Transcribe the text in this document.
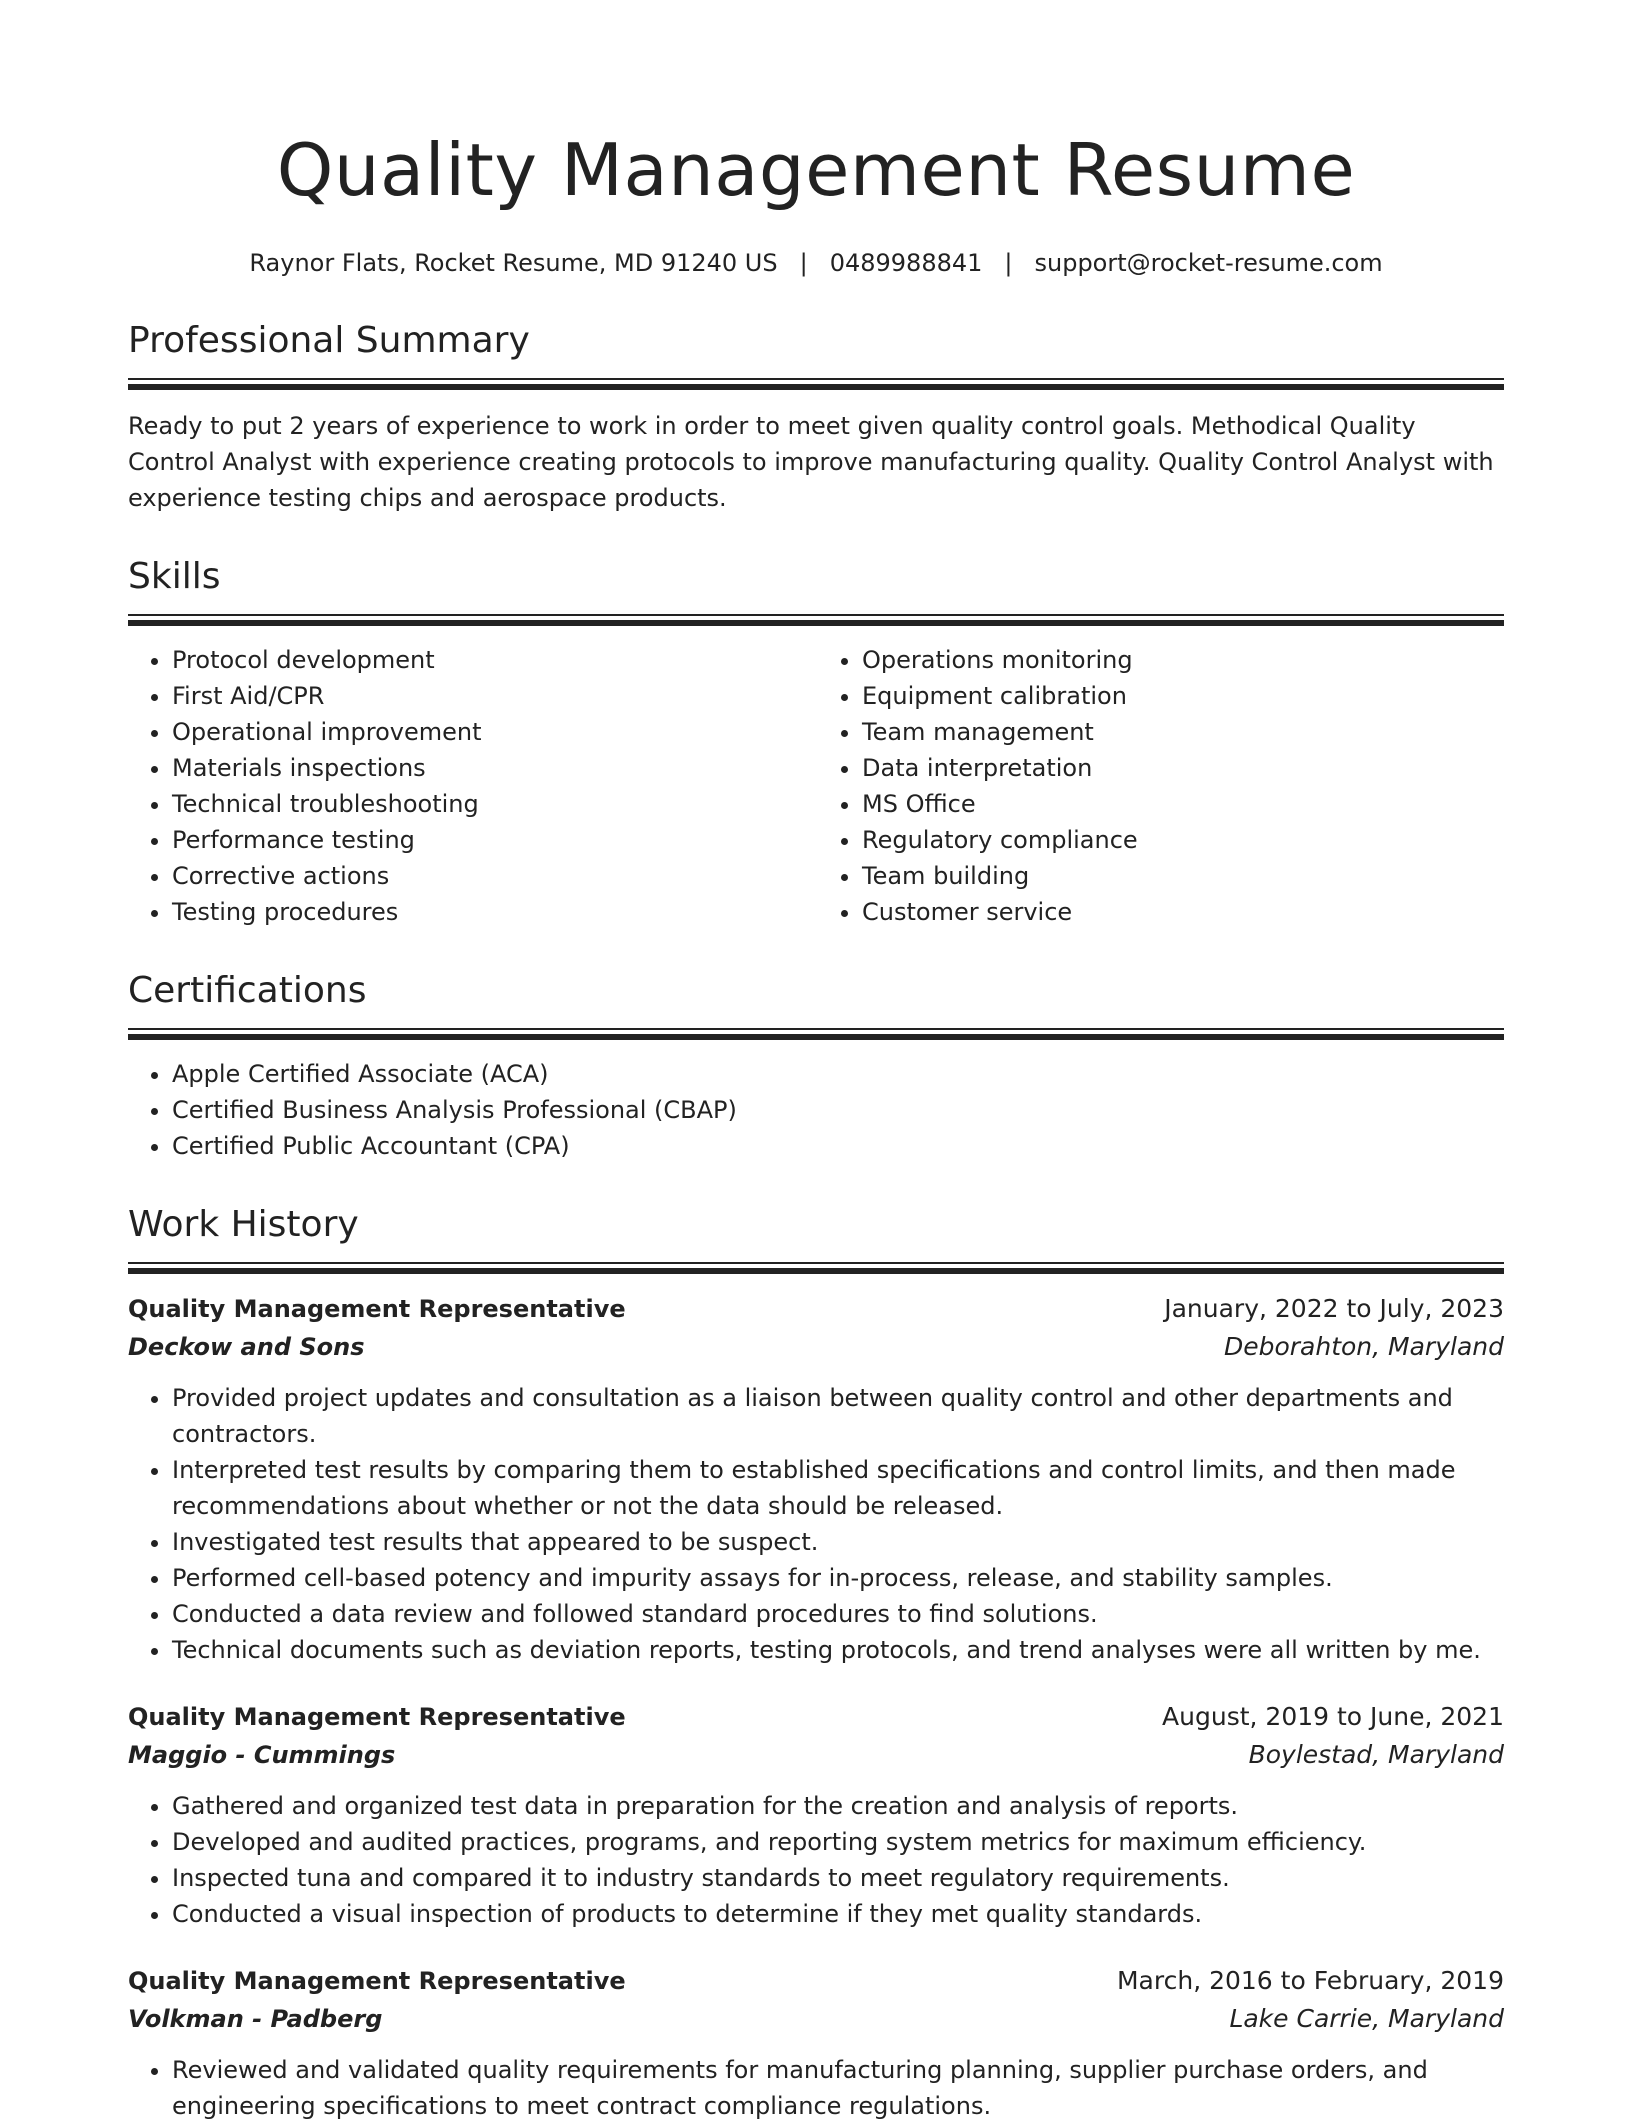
Quality Management Resume
Raynor Flats, Rocket Resume, MD 91240 US | 0489988841 | support@rocket-resume.com
Professional Summary

Ready to put 2 years of experience to work in order to meet given quality control goals. Methodical Quality Control Analyst with experience creating protocols to improve manufacturing quality. Quality Control Analyst with experience testing chips and aerospace products.

Skills
• Protocol development
• First Aid/CPR
• Operational improvement
• Materials inspections
• Technical troubleshooting
• Performance testing
• Corrective actions
• Testing procedures
• Operations monitoring
• Equipment calibration
• Team management
• Data interpretation
• MS Office
• Regulatory compliance
• Team building
• Customer service
Certifications
• Apple Certified Associate (ACA)
• Certified Business Analysis Professional (CBAP)
• Certified Public Accountant (CPA)
Work History
Quality Management Representative	January, 2022 to July, 2023
Deckow and Sons	Deborahton, Maryland
• Provided project updates and consultation as a liaison between quality control and other departments and contractors.
• Interpreted test results by comparing them to established specifications and control limits, and then made recommendations about whether or not the data should be released.
• Investigated test results that appeared to be suspect.
• Performed cell-based potency and impurity assays for in-process, release, and stability samples.
• Conducted a data review and followed standard procedures to find solutions.
• Technical documents such as deviation reports, testing protocols, and trend analyses were all written by me.
Quality Management Representative	August, 2019 to June, 2021
Maggio - Cummings	Boylestad, Maryland
• Gathered and organized test data in preparation for the creation and analysis of reports.
• Developed and audited practices, programs, and reporting system metrics for maximum efficiency.
• Inspected tuna and compared it to industry standards to meet regulatory requirements.
• Conducted a visual inspection of products to determine if they met quality standards.
Quality Management Representative	March, 2016 to February, 2019
Volkman - Padberg	Lake Carrie, Maryland
• Reviewed and validated quality requirements for manufacturing planning, supplier purchase orders, and engineering specifications to meet contract compliance regulations.
